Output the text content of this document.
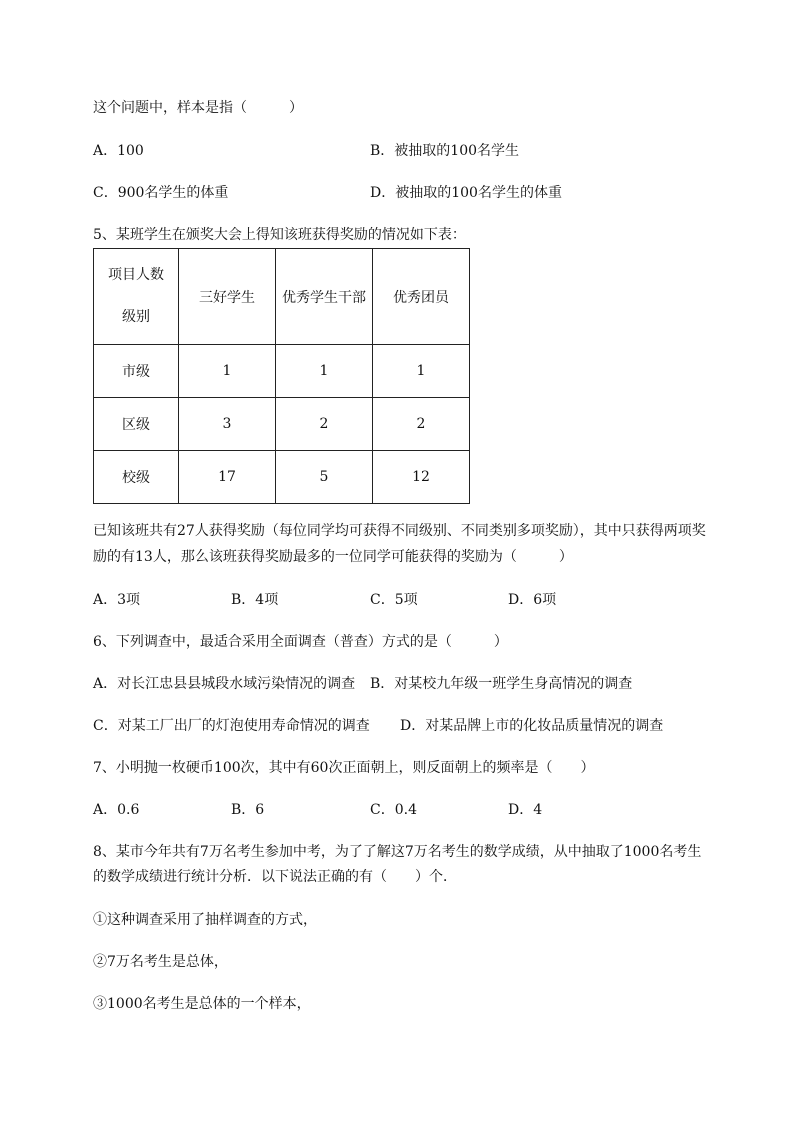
这个问题中，样本是指（　　　）
A．100	B．被抽取的100名学生
C．900名学生的体重	D．被抽取的100名学生的体重
5、某班学生在颁奖大会上得知该班获得奖励的情况如下表：
项目人数
级别	三好学生	优秀学生干部	优秀团员
市级	1	1	1
区级	3	2	2
校级	17	5	12
已知该班共有27人获得奖励（每位同学均可获得不同级别、不同类别多项奖励），其中只获得两项奖
励的有13人，那么该班获得奖励最多的一位同学可能获得的奖励为（　　　）
A．3项	B．4项	C．5项	D．6项
6、下列调查中，最适合采用全面调查（普查）方式的是（　　　）
A．对长江忠县县城段水域污染情况的调查 B．对某校九年级一班学生身高情况的调查
C．对某工厂出厂的灯泡使用寿命情况的调查 D．对某品牌上市的化妆品质量情况的调查
7、小明抛一枚硬币100次，其中有60次正面朝上，则反面朝上的频率是（　　）
A．0.6	B．6	C．0.4	D．4
8、某市今年共有7万名考生参加中考，为了了解这7万名考生的数学成绩，从中抽取了1000名考生
的数学成绩进行统计分析．以下说法正确的有（　　）个．
①这种调查采用了抽样调查的方式，
②7万名考生是总体，
③1000名考生是总体的一个样本，
